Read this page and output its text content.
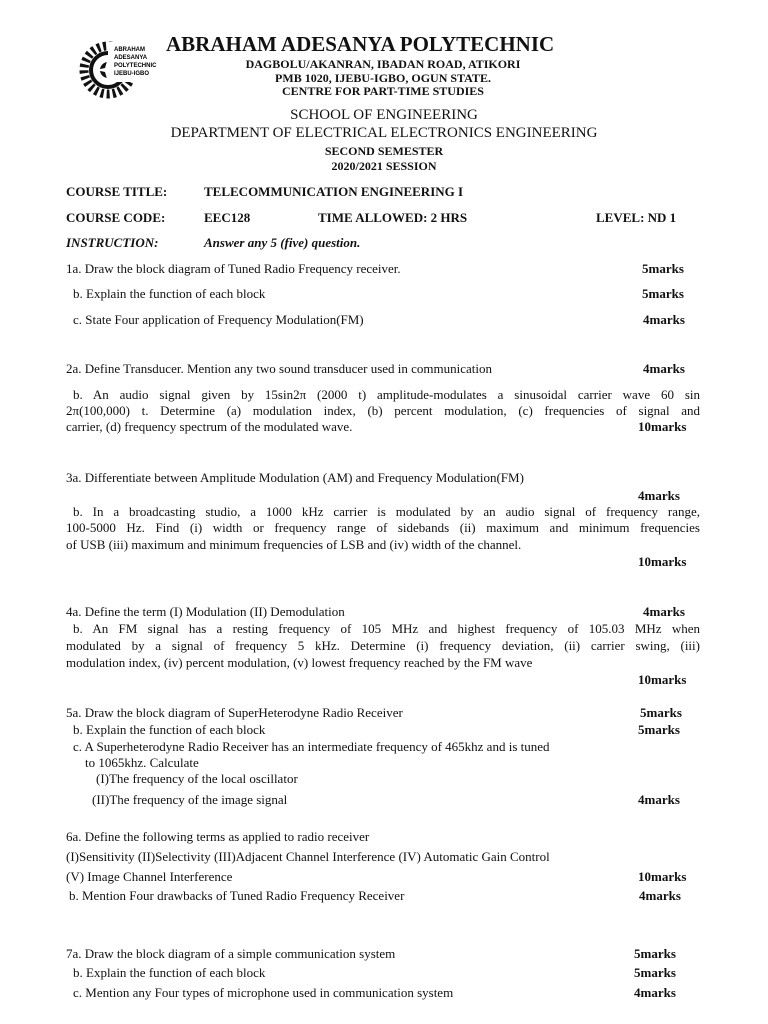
ABRAHAM
ADESANYA
POLYTECHNIC
IJEBU-IGBO
ABRAHAM ADESANYA POLYTECHNIC
DAGBOLU/AKANRAN, IBADAN ROAD, ATIKORI
PMB 1020, IJEBU-IGBO, OGUN STATE.
CENTRE FOR PART-TIME STUDIES
SCHOOL OF ENGINEERING
DEPARTMENT OF ELECTRICAL ELECTRONICS ENGINEERING
SECOND SEMESTER
2020/2021 SESSION
COURSE TITLE:	TELECOMMUNICATION ENGINEERING I
COURSE CODE:	EEC128	TIME ALLOWED: 2 HRS	LEVEL: ND 1
INSTRUCTION:	Answer any 5 (five) question.
1a. Draw the block diagram of Tuned Radio Frequency receiver.	5marks
b. Explain the function of each block	5marks
c. State Four application of Frequency Modulation(FM)	4marks
2a. Define Transducer. Mention any two sound transducer used in communication	4marks
b. An audio signal given by 15sin2π (2000 t) amplitude-modulates a sinusoidal carrier wave 60 sin
2π(100,000) t. Determine (a) modulation index, (b) percent modulation, (c) frequencies of signal and
carrier, (d) frequency spectrum of the modulated wave.	10marks
3a. Differentiate between Amplitude Modulation (AM) and Frequency Modulation(FM)
4marks
b. In a broadcasting studio, a 1000 kHz carrier is modulated by an audio signal of frequency range,
100-5000 Hz. Find (i) width or frequency range of sidebands (ii) maximum and minimum frequencies
of USB (iii) maximum and minimum frequencies of LSB and (iv) width of the channel.
10marks
4a. Define the term (I) Modulation (II) Demodulation	4marks
b. An FM signal has a resting frequency of 105 MHz and highest frequency of 105.03 MHz when
modulated by a signal of frequency 5 kHz. Determine (i) frequency deviation, (ii) carrier swing, (iii)
modulation index, (iv) percent modulation, (v) lowest frequency reached by the FM wave
10marks
5a. Draw the block diagram of SuperHeterodyne Radio Receiver	5marks
b. Explain the function of each block	5marks
c. A Superheterodyne Radio Receiver has an intermediate frequency of 465khz and is tuned
to 1065khz. Calculate
(I)The frequency of the local oscillator
(II)The frequency of the image signal	4marks
6a. Define the following terms as applied to radio receiver
(I)Sensitivity (II)Selectivity (III)Adjacent Channel Interference (IV) Automatic Gain Control
(V) Image Channel Interference	10marks
b. Mention Four drawbacks of Tuned Radio Frequency Receiver	4marks
7a. Draw the block diagram of a simple communication system	5marks
b. Explain the function of each block	5marks
c. Mention any Four types of microphone used in communication system	4marks
